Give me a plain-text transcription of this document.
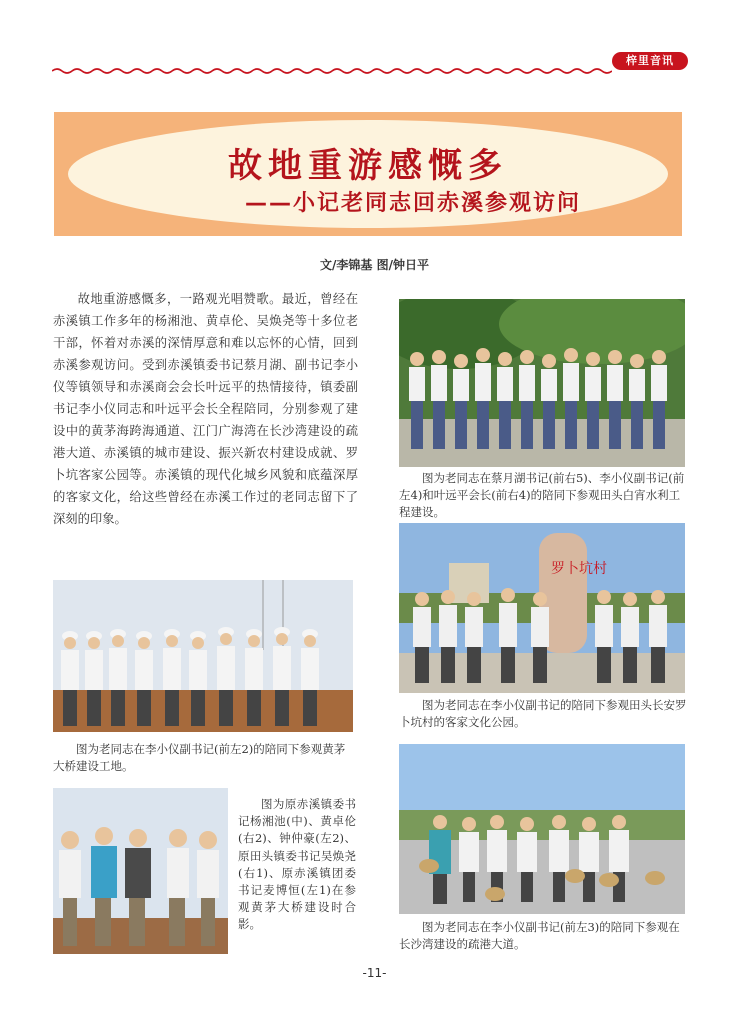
梓里音讯
故地重游感慨多
——小记老同志回赤溪参观访问
文/李锦基 图/钟日平
故地重游感慨多，一路观光唱赞歌。最近，曾经在赤溪镇工作多年的杨湘池、黄卓伦、吴焕尧等十多位老干部，怀着对赤溪的深情厚意和难以忘怀的心情，回到赤溪参观访问。受到赤溪镇委书记蔡月湖、副书记李小仪等镇领导和赤溪商会会长叶远平的热情接待，镇委副书记李小仪同志和叶远平会长全程陪同，分别参观了建设中的黄茅海跨海通道、江门广海湾在长沙湾建设的疏港大道、赤溪镇的城市建设、振兴新农村建设成就、罗卜坑客家公园等。赤溪镇的现代化城乡风貌和底蕴深厚的客家文化，给这些曾经在赤溪工作过的老同志留下了深刻的印象。
图为老同志在蔡月湖书记(前右5)、李小仪副书记(前左4)和叶远平会长(前右4)的陪同下参观田头白宵水利工程建设。
罗卜坑村
图为老同志在李小仪副书记的陪同下参观田头长安罗卜坑村的客家文化公园。
图为老同志在李小仪副书记(前左2)的陪同下参观黄茅大桥建设工地。
图为原赤溪镇委书记杨湘池(中)、黄卓伦(右2)、钟仲豪(左2)、原田头镇委书记吴焕尧(右1)、原赤溪镇团委书记麦博恒(左1)在参观黄茅大桥建设时合影。	图为老同志在李小仪副书记(前左3)的陪同下参观在长沙湾建设的疏港大道。
-11-
